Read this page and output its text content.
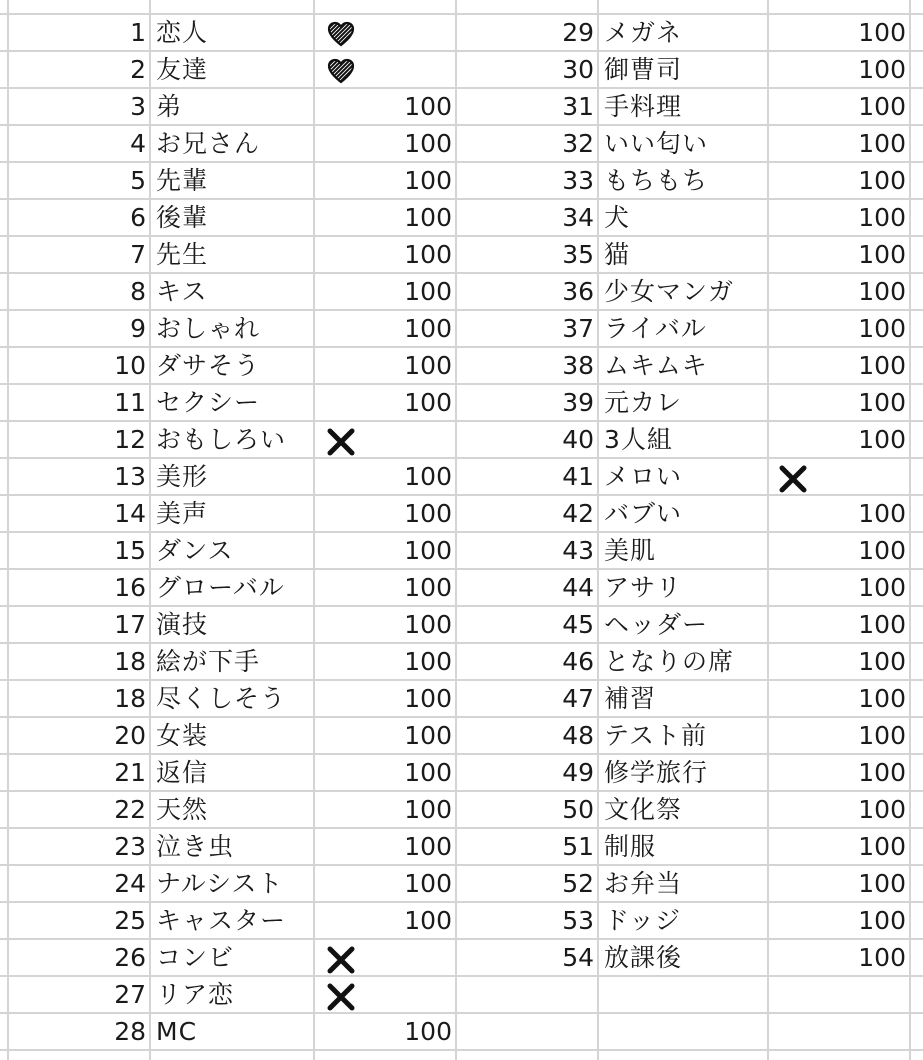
1 恋人
2 友達
3 弟	100
4 お兄さん	100
5 先輩	100
6 後輩	100
7 先生	100
8 キス	100
9 おしゃれ	100
10 ダサそう	100
11 セクシー	100
12 おもしろい
13 美形	100
14 美声	100
15 ダンス	100
16 グローバル	100
17 演技	100
18 絵が下手	100
18 尽くしそう	100
20 女装	100
21 返信	100
22 天然	100
23 泣き虫	100
24 ナルシスト	100
25 キャスター	100
26 コンビ
27 リア恋
28 MC	100
29 メガネ	100
30 御曹司	100
31 手料理	100
32 いい匂い	100
33 もちもち	100
34 犬	100
35 猫	100
36 少女マンガ	100
37 ライバル	100
38 ムキムキ	100
39 元カレ	100
40 3人組	100
41 メロい
42 バブい	100
43 美肌	100
44 アサリ	100
45 ヘッダー	100
46 となりの席	100
47 補習	100
48 テスト前	100
49 修学旅行	100
50 文化祭	100
51 制服	100
52 お弁当	100
53 ドッジ	100
54 放課後	100
